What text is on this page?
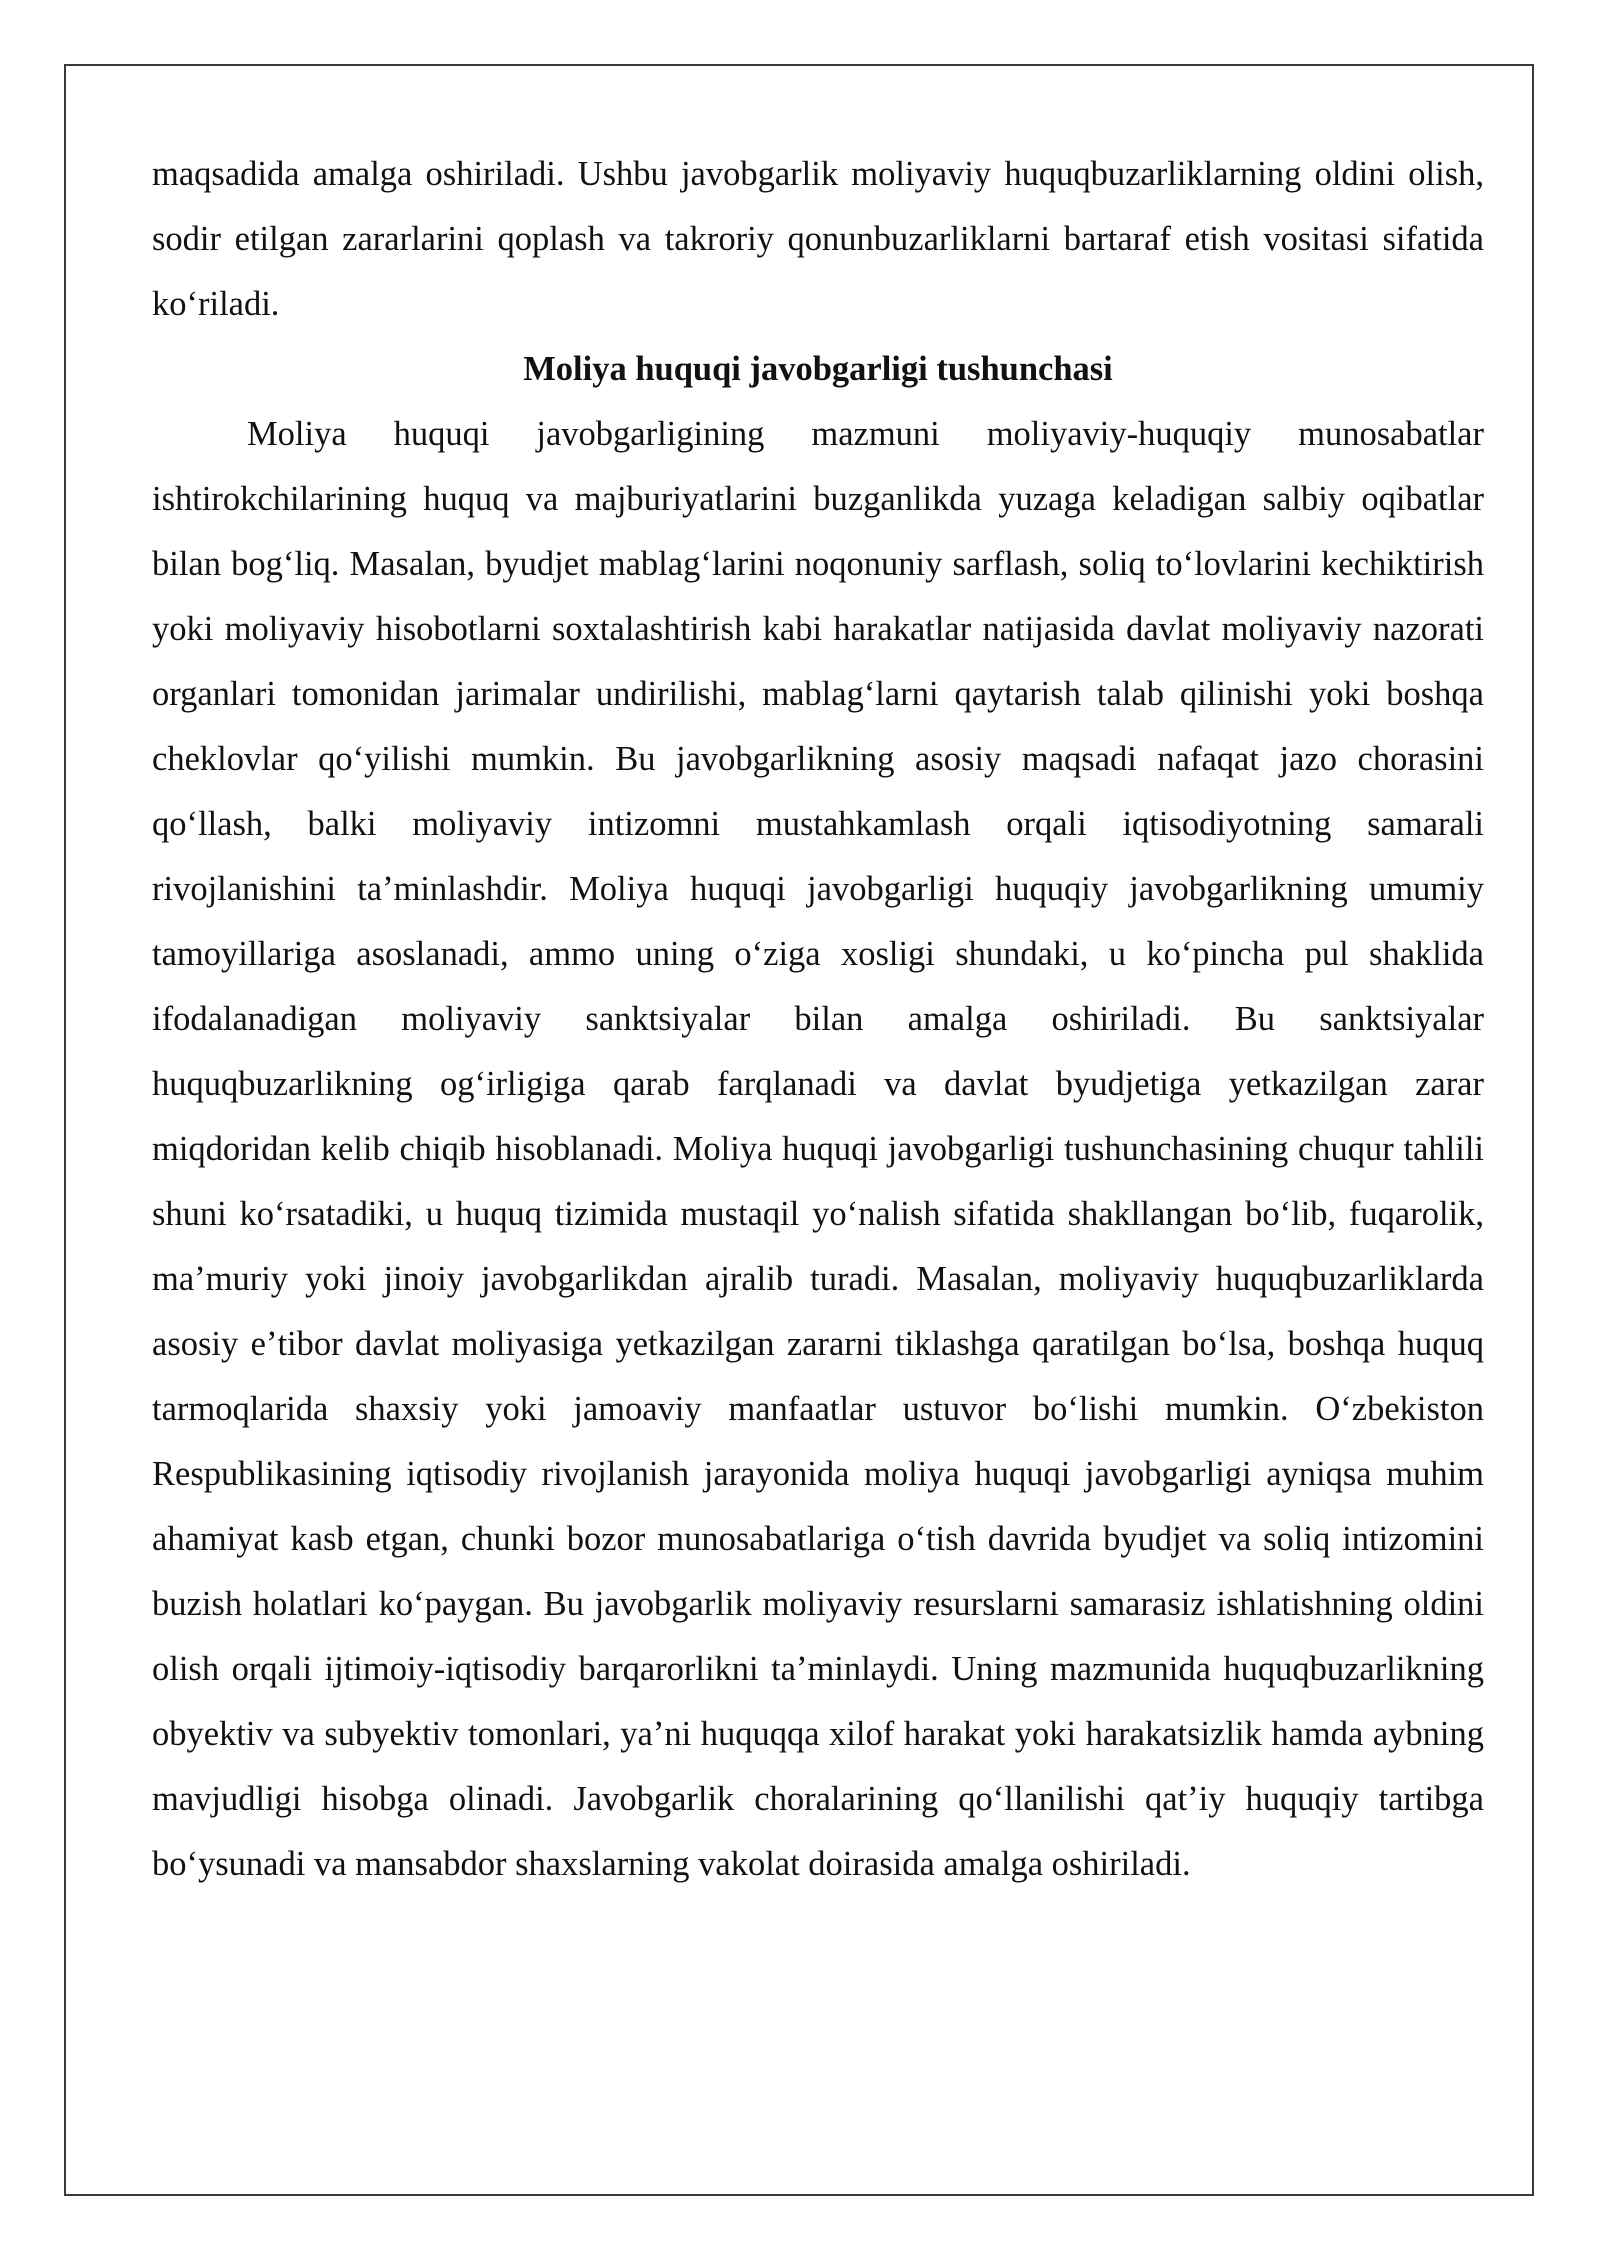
maqsadida amalga oshiriladi. Ushbu javobgarlik moliyaviy huquqbuzarliklarning oldini olish, sodir etilgan zararlarini qoplash va takroriy qonunbuzarliklarni bartaraf etish vositasi sifatida koʻriladi.

Moliya huquqi javobgarligi tushunchasi

Moliya huquqi javobgarligining mazmuni moliyaviy-huquqiy munosabatlar ishtirokchilarining huquq va majburiyatlarini buzganlikda yuzaga keladigan salbiy oqibatlar bilan bogʻliq. Masalan, byudjet mablagʻlarini noqonuniy sarflash, soliq toʻlovlarini kechiktirish yoki moliyaviy hisobotlarni soxtalashtirish kabi harakatlar natijasida davlat moliyaviy nazorati organlari tomonidan jarimalar undirilishi, mablagʻlarni qaytarish talab qilinishi yoki boshqa cheklovlar qoʻyilishi mumkin. Bu javobgarlikning asosiy maqsadi nafaqat jazo chorasini qoʻllash, balki moliyaviy intizomni mustahkamlash orqali iqtisodiyotning samarali rivojlanishini taʼminlashdir. Moliya huquqi javobgarligi huquqiy javobgarlikning umumiy tamoyillariga asoslanadi, ammo uning oʻziga xosligi shundaki, u koʻpincha pul shaklida ifodalanadigan moliyaviy sanktsiyalar bilan amalga oshiriladi. Bu sanktsiyalar huquqbuzarlikning ogʻirligiga qarab farqlanadi va davlat byudjetiga yetkazilgan zarar miqdoridan kelib chiqib hisoblanadi. Moliya huquqi javobgarligi tushunchasining chuqur tahlili shuni koʻrsatadiki, u huquq tizimida mustaqil yoʻnalish sifatida shakllangan boʻlib, fuqarolik, maʼmuriy yoki jinoiy javobgarlikdan ajralib turadi. Masalan, moliyaviy huquqbuzarliklarda asosiy eʼtibor davlat moliyasiga yetkazilgan zararni tiklashga qaratilgan boʻlsa, boshqa huquq tarmoqlarida shaxsiy yoki jamoaviy manfaatlar ustuvor boʻlishi mumkin. Oʻzbekiston Respublikasining iqtisodiy rivojlanish jarayonida moliya huquqi javobgarligi ayniqsa muhim ahamiyat kasb etgan, chunki bozor munosabatlariga oʻtish davrida byudjet va soliq intizomini buzish holatlari koʻpaygan. Bu javobgarlik moliyaviy resurslarni samarasiz ishlatishning oldini olish orqali ijtimoiy-iqtisodiy barqarorlikni taʼminlaydi. Uning mazmunida huquqbuzarlikning obyektiv va subyektiv tomonlari, yaʼni huquqqa xilof harakat yoki harakatsizlik hamda aybning mavjudligi hisobga olinadi. Javobgarlik choralarining qoʻllanilishi qatʼiy huquqiy tartibga boʻysunadi va mansabdor shaxslarning vakolat doirasida amalga oshiriladi.
